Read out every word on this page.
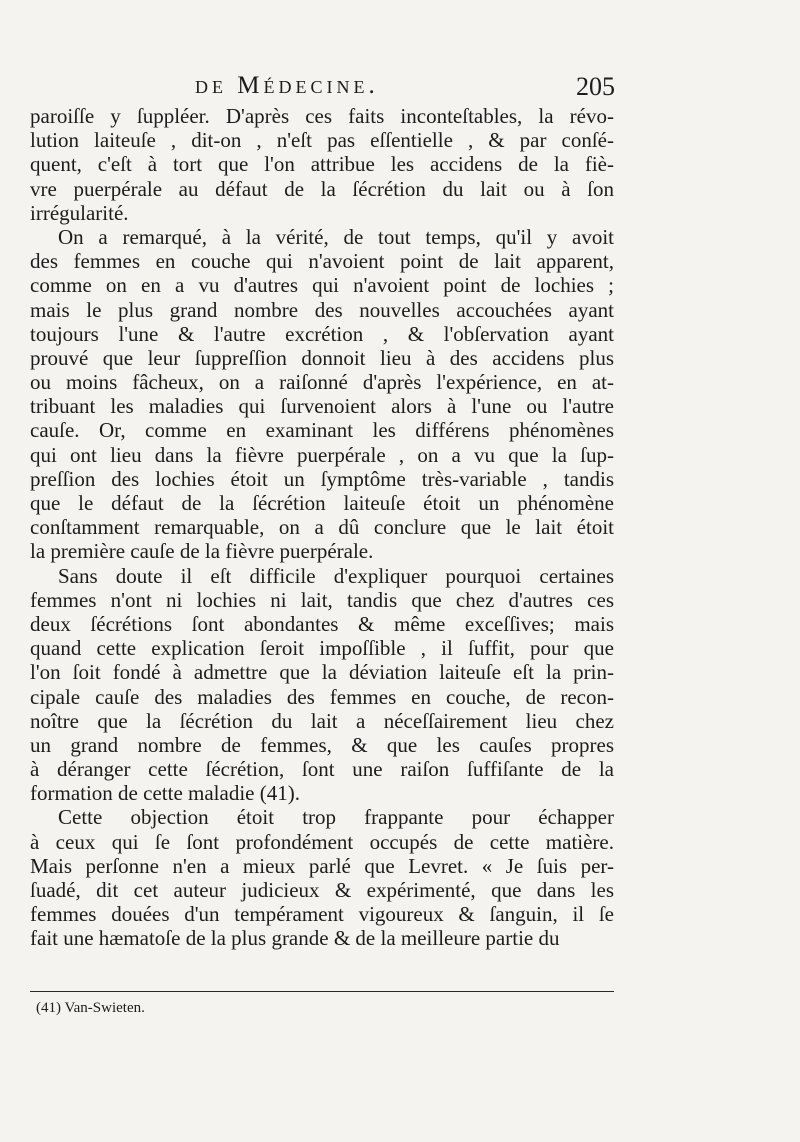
de Médecine.	205
paroiſſe y ſuppléer. D'après ces faits inconteſtables, la révo-
lution laiteuſe , dit-on , n'eſt pas eſſentielle , & par conſé-
quent, c'eſt à tort que l'on attribue les accidens de la fiè-
vre puerpérale au défaut de la ſécrétion du lait ou à ſon
irrégularité.
On a remarqué, à la vérité, de tout temps, qu'il y avoit
des femmes en couche qui n'avoient point de lait apparent,
comme on en a vu d'autres qui n'avoient point de lochies ;
mais le plus grand nombre des nouvelles accouchées ayant
toujours l'une & l'autre excrétion , & l'obſervation ayant
prouvé que leur ſuppreſſion donnoit lieu à des accidens plus
ou moins fâcheux, on a raiſonné d'après l'expérience, en at-
tribuant les maladies qui ſurvenoient alors à l'une ou l'autre
cauſe. Or, comme en examinant les différens phénomènes
qui ont lieu dans la fièvre puerpérale , on a vu que la ſup-
preſſion des lochies étoit un ſymptôme très-variable , tandis
que le défaut de la ſécrétion laiteuſe étoit un phénomène
conſtamment remarquable, on a dû conclure que le lait étoit
la première cauſe de la fièvre puerpérale.
Sans doute il eſt difficile d'expliquer pourquoi certaines
femmes n'ont ni lochies ni lait, tandis que chez d'autres ces
deux ſécrétions ſont abondantes & même exceſſives; mais
quand cette explication ſeroit impoſſible , il ſuffit, pour que
l'on ſoit fondé à admettre que la déviation laiteuſe eſt la prin-
cipale cauſe des maladies des femmes en couche, de recon-
noître que la ſécrétion du lait a néceſſairement lieu chez
un grand nombre de femmes, & que les cauſes propres
à déranger cette ſécrétion, ſont une raiſon ſuffiſante de la
formation de cette maladie (41).
Cette objection étoit trop frappante pour échapper
à ceux qui ſe ſont profondément occupés de cette matière.
Mais perſonne n'en a mieux parlé que Levret. « Je ſuis per-
ſuadé, dit cet auteur judicieux & expérimenté, que dans les
femmes douées d'un tempérament vigoureux & ſanguin, il ſe
fait une hæmatoſe de la plus grande & de la meilleure partie du
(41) Van-Swieten.
